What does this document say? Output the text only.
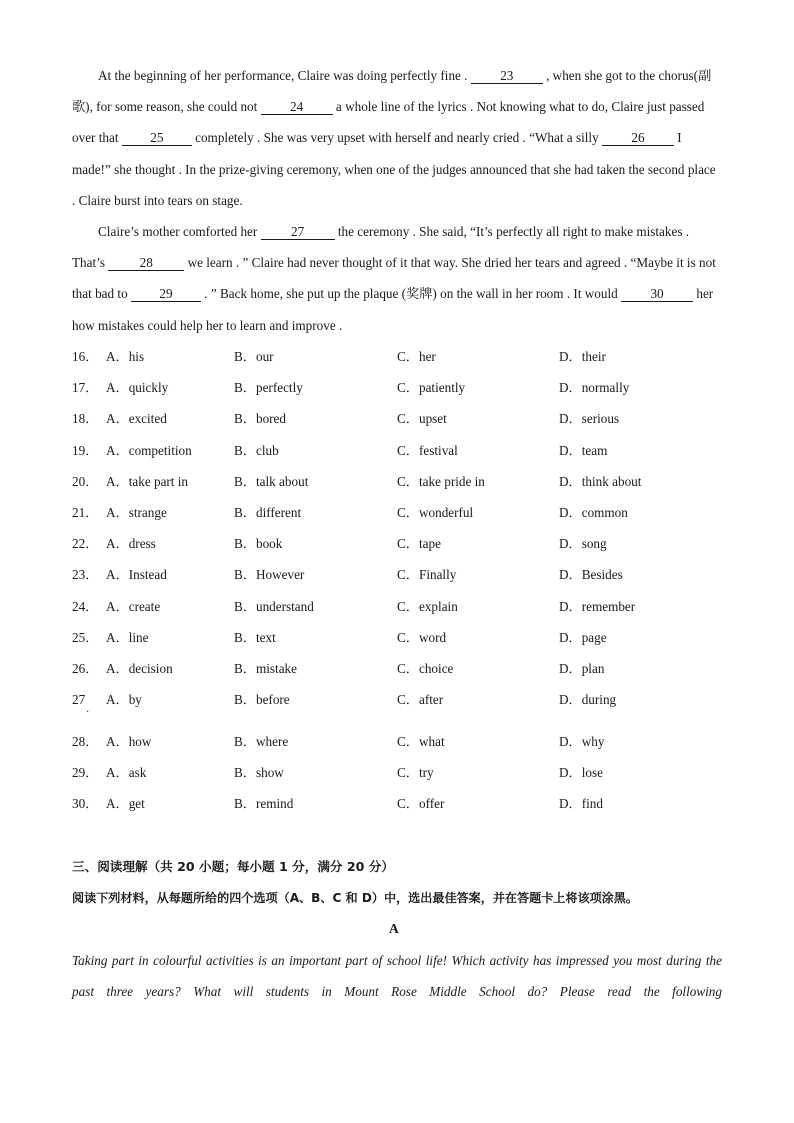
At the beginning of her performance, Claire was doing perfectly fine . 23 , when she got to the chorus(副歌), for some reason, she could not 24 a whole line of the lyrics . Not knowing what to do, Claire just passed over that 25 completely . She was very upset with herself and nearly cried . “What a silly 26 I made!” she thought . In the prize-giving ceremony, when one of the judges announced that she had taken the second place . Claire burst into tears on stage.
Claire’s mother comforted her 27 the ceremony . She said, “It’s perfectly all right to make mistakes . That’s 28 we learn . ” Claire had never thought of it that way. She dried her tears and agreed . “Maybe it is not that bad to 29 . ” Back home, she put up the plaque (奖牌) on the wall in her room . It would 30 her how mistakes could help her to learn and improve .
16． A．his	B．our	C．her	D．their
17． A．quickly	B．perfectly	C．patiently	D．normally
18． A．excited	B．bored	C．upset	D．serious
19． A．competition	B．club	C．festival	D．team
20． A．take part in	B．talk about	C．take pride in	D．think about
21． A．strange	B．different	C．wonderful	D．common
22． A．dress	B．book	C．tape	D．song
23． A．Instead	B．However	C．Finally	D．Besides
24． A．create	B．understand	C．explain	D．remember
25． A．line	B．text	C．word	D．page
26． A．decision	B．mistake	C．choice	D．plan
27 A．by	B．before	C．after	D．during
28． A．how	B．where	C．what	D．why
29． A．ask	B．show	C．try	D．lose
30． A．get	B．remind	C．offer	D．find
·
三、阅读理解（共 20 小题；每小题 1 分，满分 20 分）
阅读下列材料，从每题所给的四个选项（A、B、C 和 D）中，选出最佳答案，并在答题卡上将该项涂黑。
A
Taking part in colourful activities is an important part of school life! Which activity has impressed you most during the past three years? What will students in Mount Rose Middle School do? Please read the following
